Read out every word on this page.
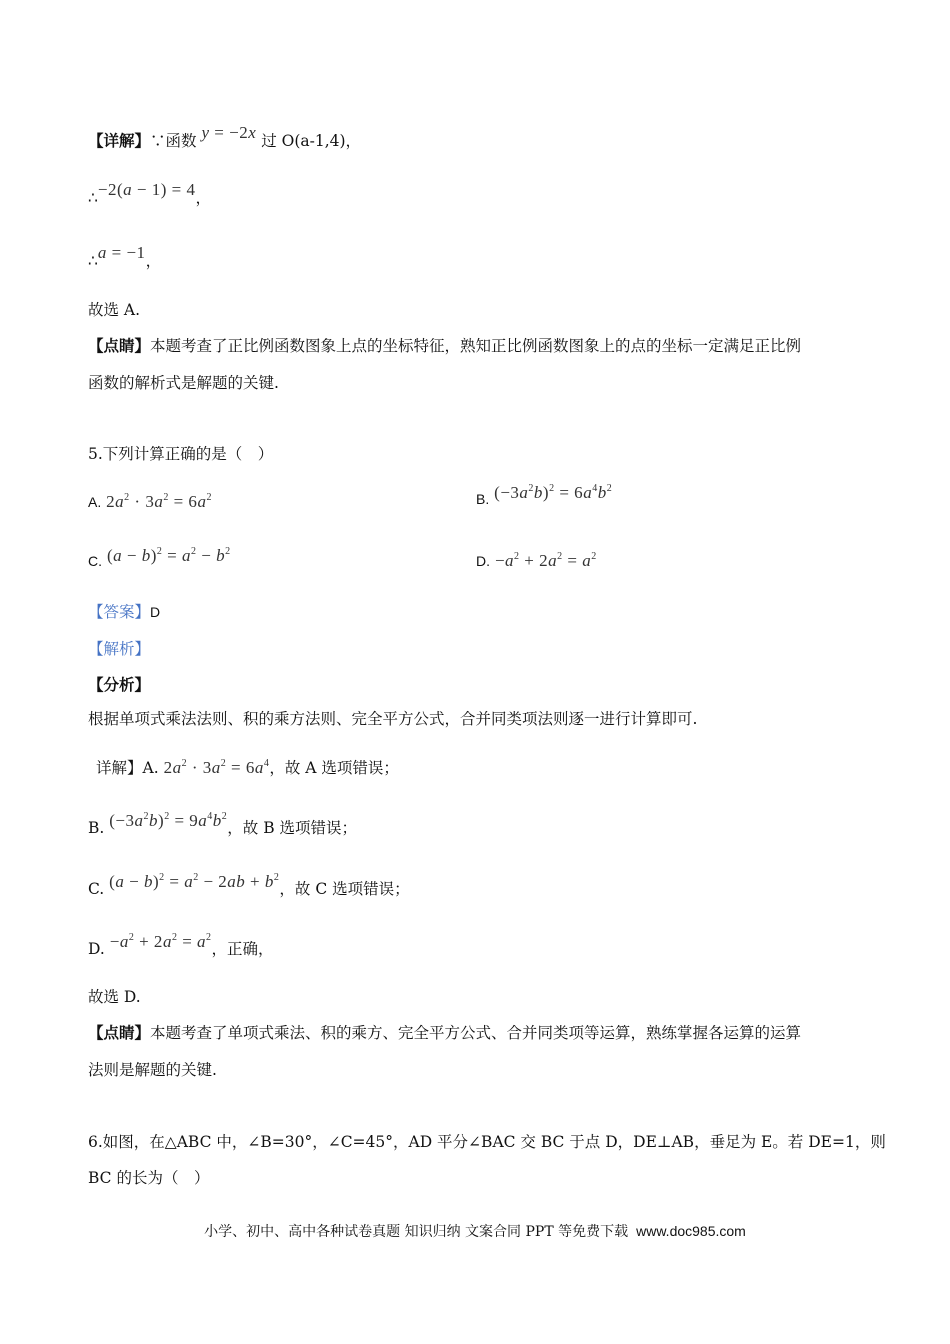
【详解】∵函数 y = −2x 过 O(a-1,4)，
∴−2(a − 1) = 4，
∴a = −1，
故选 A.
【点睛】本题考查了正比例函数图象上点的坐标特征，熟知正比例函数图象上的点的坐标一定满足正比例
函数的解析式是解题的关键.
5.下列计算正确的是（　）
A. $2a^2 \cdot 3a^2 = 6a^2$	B. $(-3a^2b)^2 = 6a^4b^2$
C. $(a - b)^2 = a^2 - b^2$
D. $-a^2 + 2a^2 = a^2$
【答案】D
【解析】
【分析】
根据单项式乘法法则、积的乘方法则、完全平方公式，合并同类项法则逐一进行计算即可.
详解】A. $2a^2 \cdot 3a^2 = 6a^4$，故 A 选项错误；
B. $(-3a^2b)^2 = 9a^4b^2$，故 B 选项错误；
C. $(a - b)^2 = a^2 - 2ab + b^2$，故 C 选项错误；
D. $-a^2 + 2a^2 = a^2$，正确，
故选 D.
【点睛】本题考查了单项式乘法、积的乘方、完全平方公式、合并同类项等运算，熟练掌握各运算的运算
法则是解题的关键.
6.如图，在△ABC 中，∠B=30°，∠C=45°，AD 平分∠BAC 交 BC 于点 D，DE⊥AB，垂足为 E。若 DE=1，则
BC 的长为（　）
小学、初中、高中各种试卷真题 知识归纳 文案合同 PPT 等免费下载 www.doc985.com
